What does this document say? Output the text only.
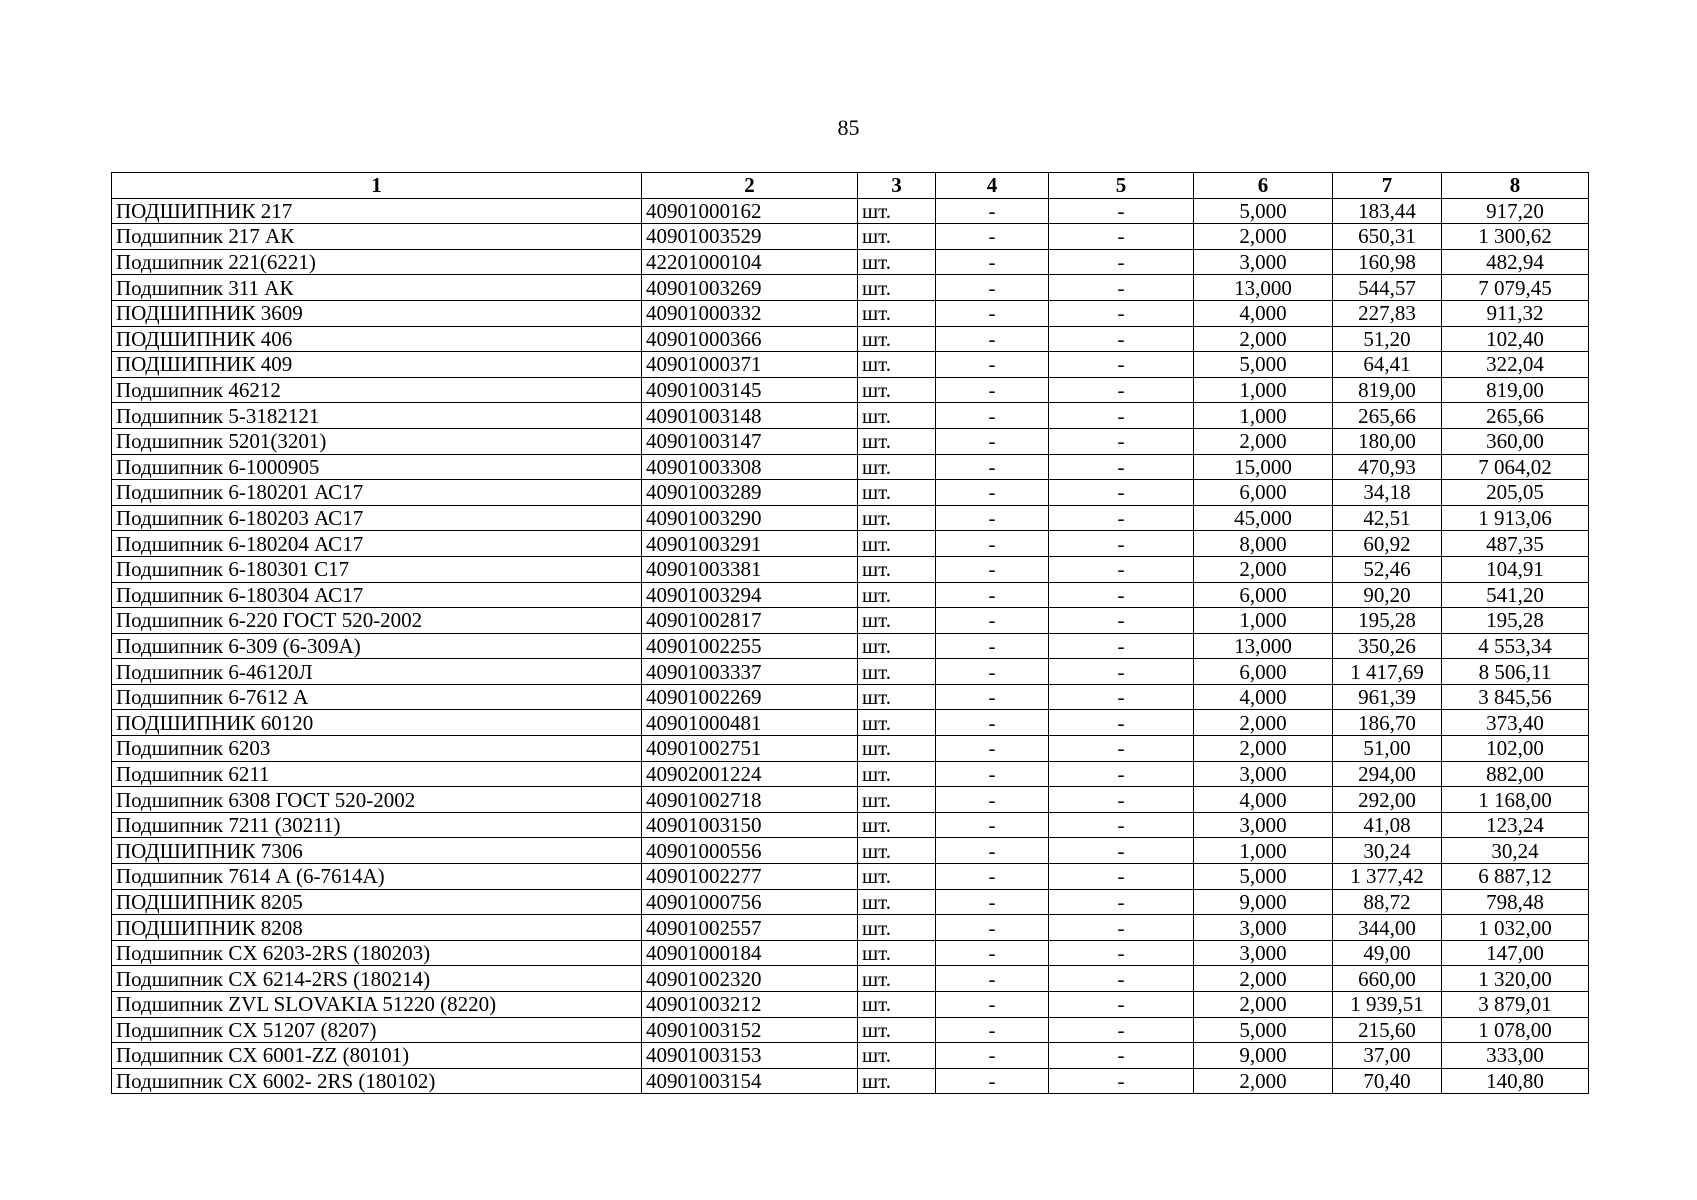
85
1	2	3	4	5	6	7	8
ПОДШИПНИК 217	40901000162	шт.	-	-	5,000	183,44	917,20
Подшипник 217 АК	40901003529	шт.	-	-	2,000	650,31	1 300,62
Подшипник 221(6221)	42201000104	шт.	-	-	3,000	160,98	482,94
Подшипник 311 АК	40901003269	шт.	-	-	13,000	544,57	7 079,45
ПОДШИПНИК 3609	40901000332	шт.	-	-	4,000	227,83	911,32
ПОДШИПНИК 406	40901000366	шт.	-	-	2,000	51,20	102,40
ПОДШИПНИК 409	40901000371	шт.	-	-	5,000	64,41	322,04
Подшипник 46212	40901003145	шт.	-	-	1,000	819,00	819,00
Подшипник 5-3182121	40901003148	шт.	-	-	1,000	265,66	265,66
Подшипник 5201(3201)	40901003147	шт.	-	-	2,000	180,00	360,00
Подшипник 6-1000905	40901003308	шт.	-	-	15,000	470,93	7 064,02
Подшипник 6-180201 АС17	40901003289	шт.	-	-	6,000	34,18	205,05
Подшипник 6-180203 АС17	40901003290	шт.	-	-	45,000	42,51	1 913,06
Подшипник 6-180204 АС17	40901003291	шт.	-	-	8,000	60,92	487,35
Подшипник 6-180301 С17	40901003381	шт.	-	-	2,000	52,46	104,91
Подшипник 6-180304 АС17	40901003294	шт.	-	-	6,000	90,20	541,20
Подшипник 6-220 ГОСТ 520-2002	40901002817	шт.	-	-	1,000	195,28	195,28
Подшипник 6-309 (6-309А)	40901002255	шт.	-	-	13,000	350,26	4 553,34
Подшипник 6-46120Л	40901003337	шт.	-	-	6,000	1 417,69	8 506,11
Подшипник 6-7612 А	40901002269	шт.	-	-	4,000	961,39	3 845,56
ПОДШИПНИК 60120	40901000481	шт.	-	-	2,000	186,70	373,40
Подшипник 6203	40901002751	шт.	-	-	2,000	51,00	102,00
Подшипник 6211	40902001224	шт.	-	-	3,000	294,00	882,00
Подшипник 6308 ГОСТ 520-2002	40901002718	шт.	-	-	4,000	292,00	1 168,00
Подшипник 7211 (30211)	40901003150	шт.	-	-	3,000	41,08	123,24
ПОДШИПНИК 7306	40901000556	шт.	-	-	1,000	30,24	30,24
Подшипник 7614 А (6-7614А)	40901002277	шт.	-	-	5,000	1 377,42	6 887,12
ПОДШИПНИК 8205	40901000756	шт.	-	-	9,000	88,72	798,48
ПОДШИПНИК 8208	40901002557	шт.	-	-	3,000	344,00	1 032,00
Подшипник CX 6203-2RS (180203)	40901000184	шт.	-	-	3,000	49,00	147,00
Подшипник CX 6214-2RS (180214)	40901002320	шт.	-	-	2,000	660,00	1 320,00
Подшипник ZVL SLOVAKIA 51220 (8220)	40901003212	шт.	-	-	2,000	1 939,51	3 879,01
Подшипник CX 51207 (8207)	40901003152	шт.	-	-	5,000	215,60	1 078,00
Подшипник CX 6001-ZZ (80101)	40901003153	шт.	-	-	9,000	37,00	333,00
Подшипник CX 6002- 2RS (180102)	40901003154	шт.	-	-	2,000	70,40	140,80
